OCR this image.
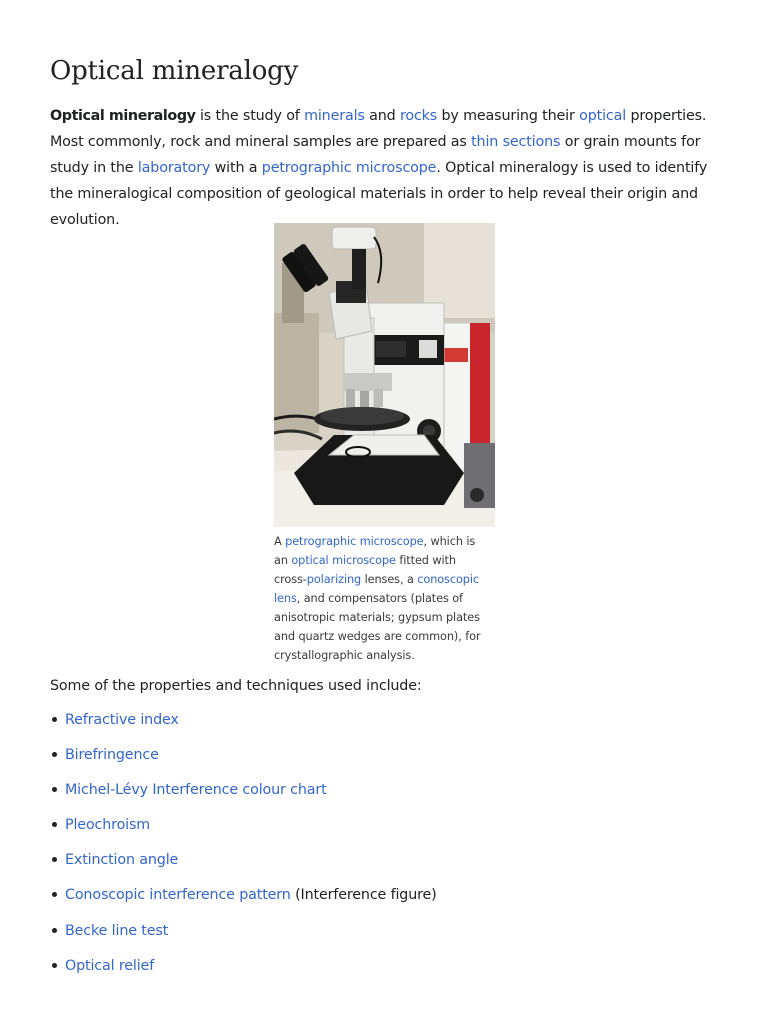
Optical mineralogy

Optical mineralogy is the study of minerals and rocks by measuring their optical properties. Most commonly, rock and mineral samples are prepared as thin sections or grain mounts for study in the laboratory with a petrographic microscope. Optical mineralogy is used to identify the mineralogical composition of geological materials in order to help reveal their origin and evolution.

A petrographic microscope, which is an optical microscope fitted with cross-polarizing lenses, a conoscopic lens, and compensators (plates of anisotropic materials; gypsum plates and quartz wedges are common), for crystallographic analysis.

Some of the properties and techniques used include:

Refractive index
Birefringence
Michel-Lévy Interference colour chart
Pleochroism
Extinction angle
Conoscopic interference pattern (Interference figure)
Becke line test
Optical relief
